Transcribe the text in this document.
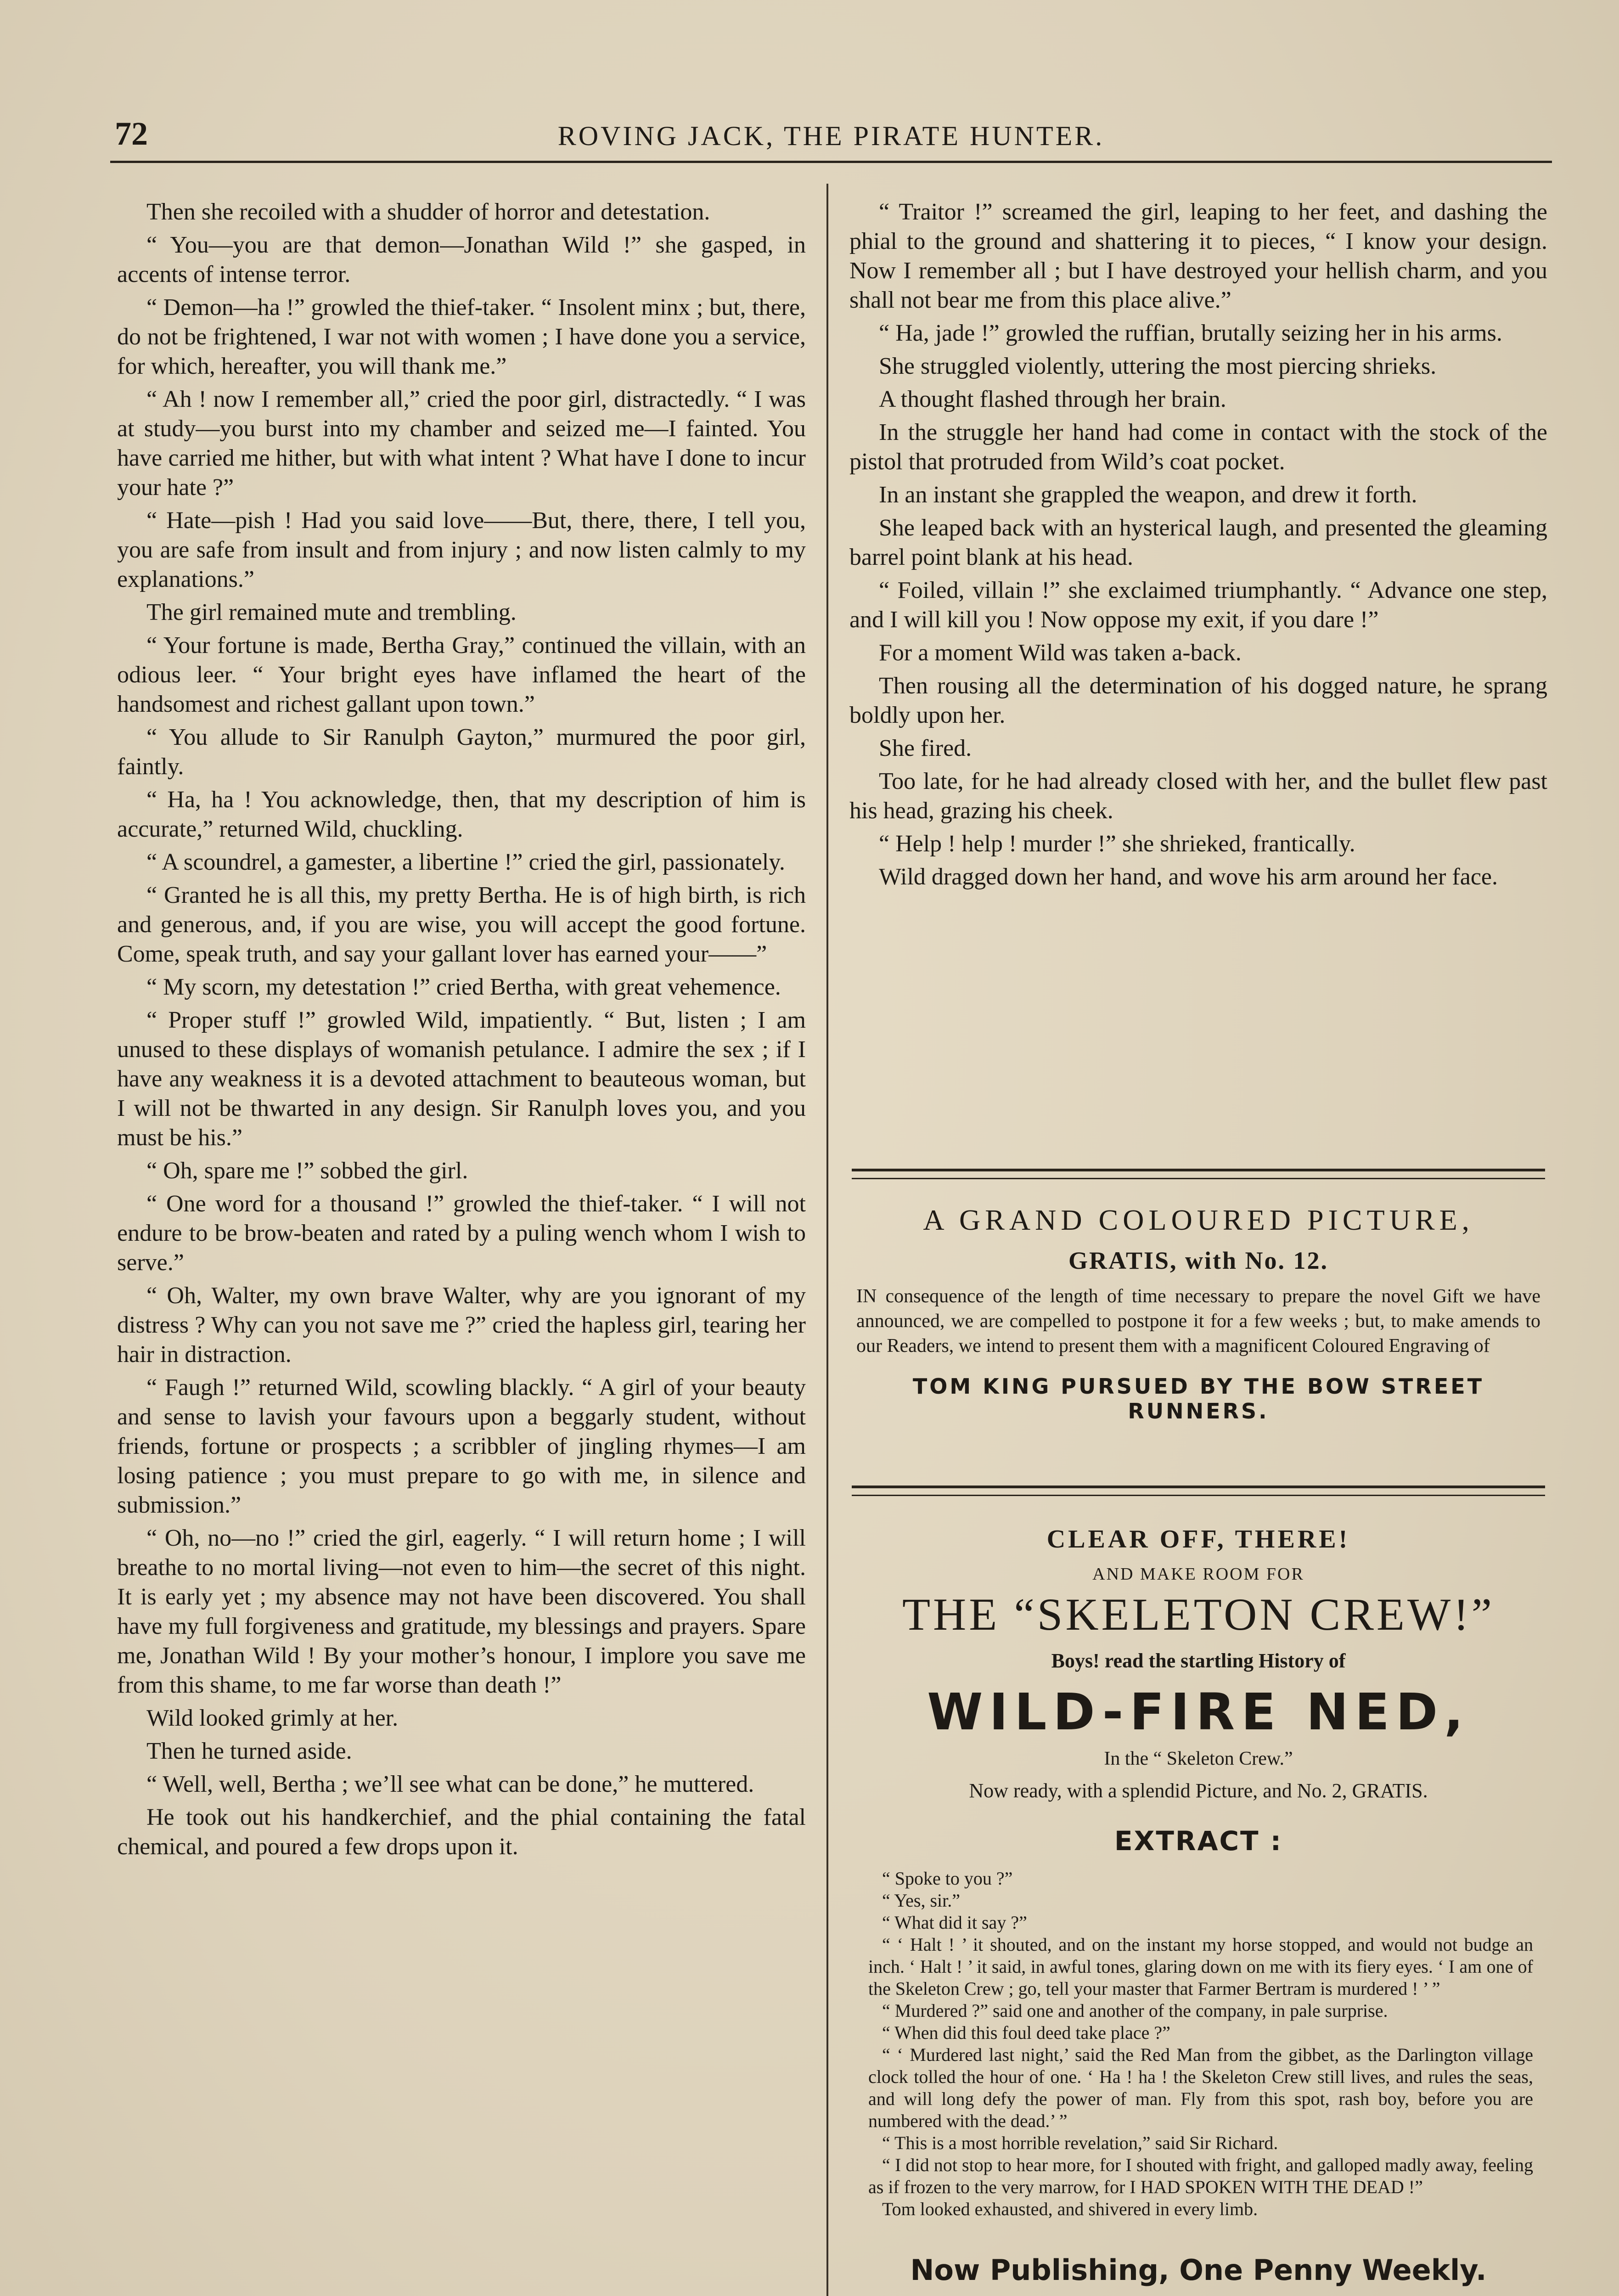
72	ROVING JACK, THE PIRATE HUNTER.

Then she recoiled with a shudder of horror and detestation.

“ You—you are that demon—Jonathan Wild !” she gasped, in accents of intense terror.

“ Demon—ha !” growled the thief-taker. “ Insolent minx ; but, there, do not be frightened, I war not with women ; I have done you a service, for which, hereafter, you will thank me.”

“ Ah ! now I remember all,” cried the poor girl, distractedly. “ I was at study—you burst into my chamber and seized me—I fainted. You have carried me hither, but with what intent ? What have I done to incur your hate ?”

“ Hate—pish ! Had you said love——But, there, there, I tell you, you are safe from insult and from injury ; and now listen calmly to my explanations.”

The girl remained mute and trembling.

“ Your fortune is made, Bertha Gray,” continued the villain, with an odious leer. “ Your bright eyes have inflamed the heart of the handsomest and richest gallant upon town.”

“ You allude to Sir Ranulph Gayton,” murmured the poor girl, faintly.

“ Ha, ha ! You acknowledge, then, that my description of him is accurate,” returned Wild, chuckling.

“ A scoundrel, a gamester, a libertine !” cried the girl, passionately.

“ Granted he is all this, my pretty Bertha. He is of high birth, is rich and generous, and, if you are wise, you will accept the good fortune. Come, speak truth, and say your gallant lover has earned your——”

“ My scorn, my detestation !” cried Bertha, with great vehemence.

“ Proper stuff !” growled Wild, impatiently. “ But, listen ; I am unused to these displays of womanish petulance. I admire the sex ; if I have any weakness it is a devoted attachment to beauteous woman, but I will not be thwarted in any design. Sir Ranulph loves you, and you must be his.”

“ Oh, spare me !” sobbed the girl.

“ One word for a thousand !” growled the thief-taker. “ I will not endure to be brow-beaten and rated by a puling wench whom I wish to serve.”

“ Oh, Walter, my own brave Walter, why are you ignorant of my distress ? Why can you not save me ?” cried the hapless girl, tearing her hair in distraction.

“ Faugh !” returned Wild, scowling blackly. “ A girl of your beauty and sense to lavish your favours upon a beggarly student, without friends, fortune or prospects ; a scribbler of jingling rhymes—I am losing patience ; you must prepare to go with me, in silence and submission.”

“ Oh, no—no !” cried the girl, eagerly. “ I will return home ; I will breathe to no mortal living—not even to him—the secret of this night. It is early yet ; my absence may not have been discovered. You shall have my full forgiveness and gratitude, my blessings and prayers. Spare me, Jonathan Wild ! By your mother’s honour, I implore you save me from this shame, to me far worse than death !”

Wild looked grimly at her.

Then he turned aside.

“ Well, well, Bertha ; we’ll see what can be done,” he muttered.

He took out his handkerchief, and the phial containing the fatal chemical, and poured a few drops upon it.

“ Traitor !” screamed the girl, leaping to her feet, and dashing the phial to the ground and shattering it to pieces, “ I know your design. Now I remember all ; but I have destroyed your hellish charm, and you shall not bear me from this place alive.”

“ Ha, jade !” growled the ruffian, brutally seizing her in his arms.

She struggled violently, uttering the most piercing shrieks.

A thought flashed through her brain.

In the struggle her hand had come in contact with the stock of the pistol that protruded from Wild’s coat pocket.

In an instant she grappled the weapon, and drew it forth.

She leaped back with an hysterical laugh, and presented the gleaming barrel point blank at his head.

“ Foiled, villain !” she exclaimed triumphantly. “ Advance one step, and I will kill you ! Now oppose my exit, if you dare !”

For a moment Wild was taken a-back.

Then rousing all the determination of his dogged nature, he sprang boldly upon her.

She fired.

Too late, for he had already closed with her, and the bullet flew past his head, grazing his cheek.

“ Help ! help ! murder !” she shrieked, frantically.

Wild dragged down her hand, and wove his arm around her face.

A GRAND COLOURED PICTURE,
GRATIS, with No. 12.
IN consequence of the length of time necessary to prepare the novel Gift we have announced, we are compelled to postpone it for a few weeks ; but, to make amends to our Readers, we intend to present them with a magnificent Coloured Engraving of
TOM KING PURSUED BY THE BOW STREET RUNNERS.
CLEAR OFF, THERE!
AND MAKE ROOM FOR
THE “SKELETON CREW!”
Boys! read the startling History of
WILD-FIRE NED,
In the “ Skeleton Crew.”
Now ready, with a splendid Picture, and No. 2, GRATIS.
EXTRACT :

“ Spoke to you ?”

“ Yes, sir.”

“ What did it say ?”

“ ‘ Halt ! ’ it shouted, and on the instant my horse stopped, and would not budge an inch. ‘ Halt ! ’ it said, in awful tones, glaring down on me with its fiery eyes. ‘ I am one of the Skeleton Crew ; go, tell your master that Farmer Bertram is murdered ! ’ ”

“ Murdered ?” said one and another of the company, in pale surprise.

“ When did this foul deed take place ?”

“ ‘ Murdered last night,’ said the Red Man from the gibbet, as the Darlington village clock tolled the hour of one. ‘ Ha ! ha ! the Skeleton Crew still lives, and rules the seas, and will long defy the power of man. Fly from this spot, rash boy, before you are numbered with the dead.’ ”

“ This is a most horrible revelation,” said Sir Richard.

“ I did not stop to hear more, for I shouted with fright, and galloped madly away, feeling as if frozen to the very marrow, for I HAD SPOKEN WITH THE DEAD !”

Tom looked exhausted, and shivered in every limb.

Now Publishing, One Penny Weekly.
